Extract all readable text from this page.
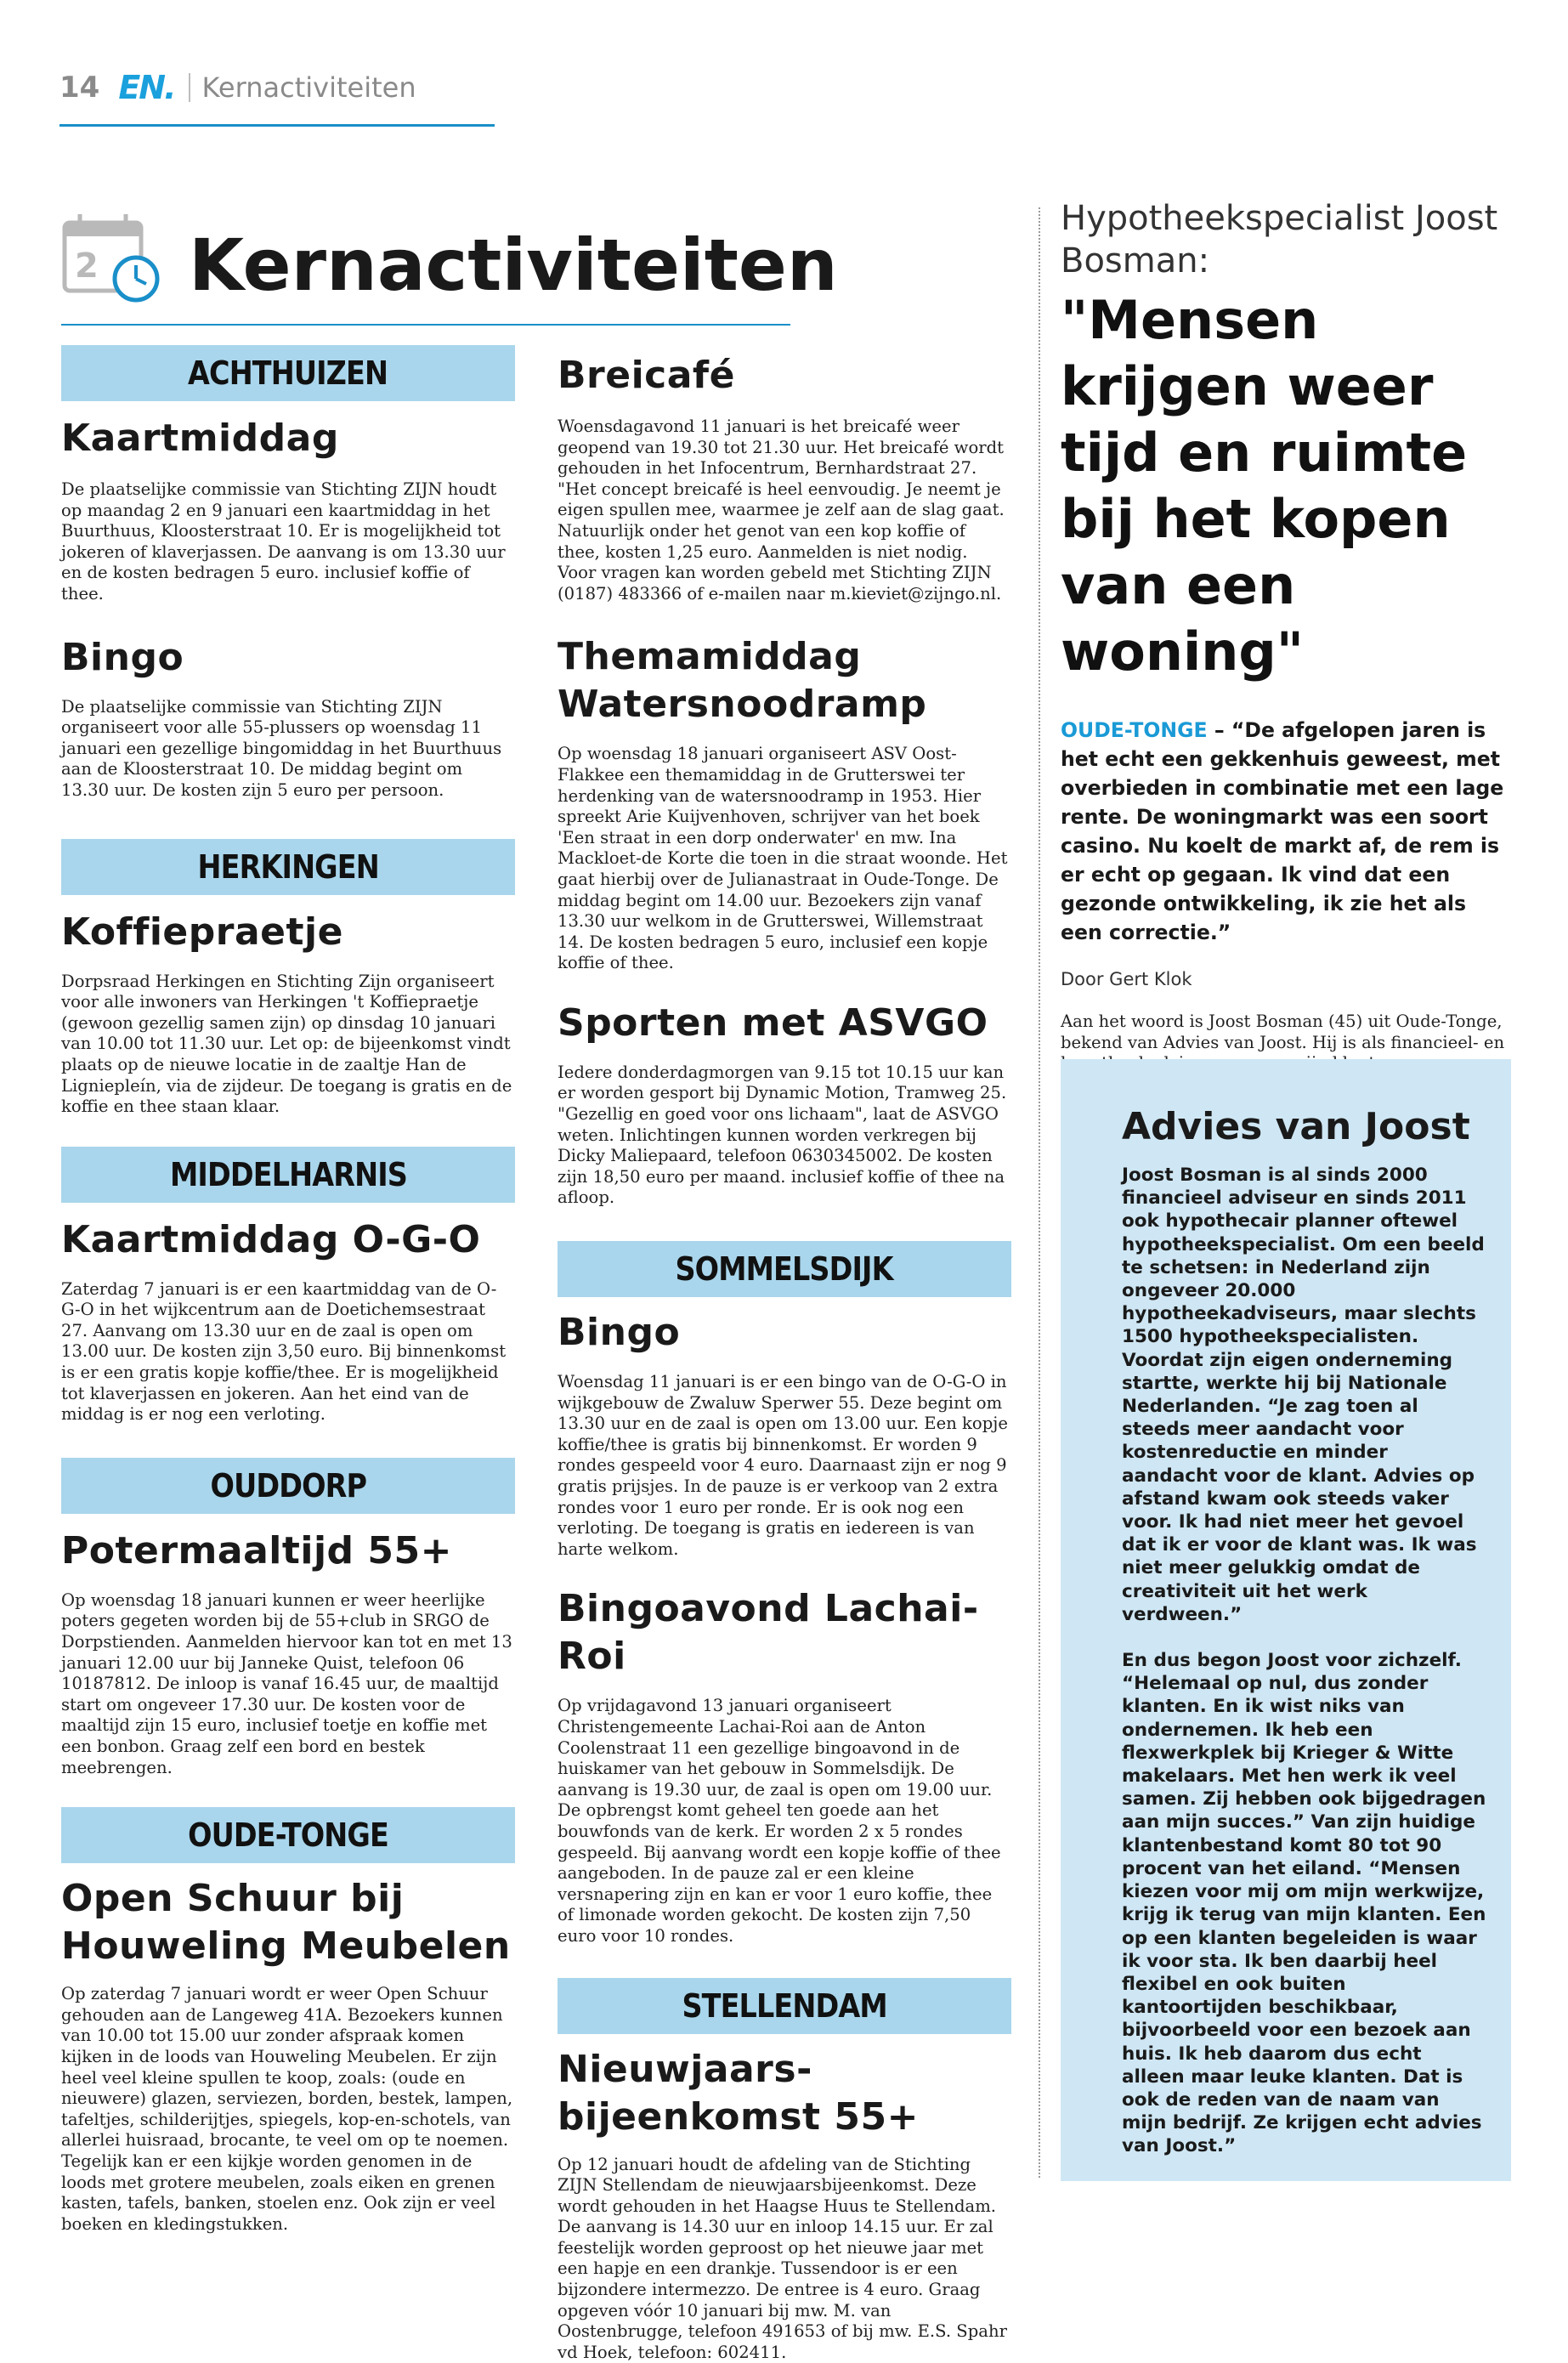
14 EN. Kernactiviteiten
2 Kernactiviteiten
ACHTHUIZEN
Kaartmiddag

De plaatselijke commissie van Stichting ZIJN houdt op maandag 2 en 9 januari een kaartmiddag in het Buurthuus, Kloosterstraat 10. Er is mogelijkheid tot jokeren of klaverjassen. De aanvang is om 13.30 uur en de kosten bedragen 5 euro. inclusief koffie of thee.

Bingo

De plaatselijke commissie van Stichting ZIJN organiseert voor alle 55-plussers op woensdag 11 januari een gezellige bingomiddag in het Buurthuus aan de Kloosterstraat 10. De middag begint om 13.30 uur. De kosten zijn 5 euro per persoon.

HERKINGEN
Koffiepraetje

Dorpsraad Herkingen en Stichting Zijn organiseert voor alle inwoners van Herkingen 't Koffiepraetje (gewoon gezellig samen zijn) op dinsdag 10 januari van 10.00 tot 11.30 uur. Let op: de bijeenkomst vindt plaats op de nieuwe locatie in de zaaltje Han de Ligniepleín, via de zijdeur. De toegang is gratis en de koffie en thee staan klaar.

MIDDELHARNIS
Kaartmiddag O-G-O

Zaterdag 7 januari is er een kaartmiddag van de O-G-O in het wijkcentrum aan de Doetichemsestraat 27. Aanvang om 13.30 uur en de zaal is open om 13.00 uur. De kosten zijn 3,50 euro. Bij binnenkomst is er een gratis kopje koffie/thee. Er is mogelijkheid tot klaverjassen en jokeren. Aan het eind van de middag is er nog een verloting.

OUDDORP
Potermaaltijd 55+

Op woensdag 18 januari kunnen er weer heerlijke poters gegeten worden bij de 55+club in SRGO de Dorpstienden. Aanmelden hiervoor kan tot en met 13 januari 12.00 uur bij Janneke Quist, telefoon 06 10187812. De inloop is vanaf 16.45 uur, de maaltijd start om ongeveer 17.30 uur. De kosten voor de maaltijd zijn 15 euro, inclusief toetje en koffie met een bonbon. Graag zelf een bord en bestek meebrengen.

OUDE-TONGE
Open Schuur bij Houweling Meubelen

Op zaterdag 7 januari wordt er weer Open Schuur gehouden aan de Langeweg 41A. Bezoekers kunnen van 10.00 tot 15.00 uur zonder afspraak komen kijken in de loods van Houweling Meubelen. Er zijn heel veel kleine spullen te koop, zoals: (oude en nieuwere) glazen, serviezen, borden, bestek, lampen, tafeltjes, schilderijtjes, spiegels, kop-en-schotels, van allerlei huisraad, brocante, te veel om op te noemen. Tegelijk kan er een kijkje worden genomen in de loods met grotere meubelen, zoals eiken en grenen kasten, tafels, banken, stoelen enz. Ook zijn er veel boeken en kledingstukken.

Breicafé

Woensdagavond 11 januari is het breicafé weer geopend van 19.30 tot 21.30 uur. Het breicafé wordt gehouden in het Infocentrum, Bernhardstraat 27. "Het concept breicafé is heel eenvoudig. Je neemt je eigen spullen mee, waarmee je zelf aan de slag gaat. Natuurlijk onder het genot van een kop koffie of thee, kosten 1,25 euro. Aanmelden is niet nodig. Voor vragen kan worden gebeld met Stichting ZIJN (0187) 483366 of e-mailen naar m.kieviet@zijngo.nl.

Themamiddag Watersnoodramp

Op woensdag 18 januari organiseert ASV Oost-Flakkee een themamiddag in de Grutterswei ter herdenking van de watersnoodramp in 1953. Hier spreekt Arie Kuijvenhoven, schrijver van het boek 'Een straat in een dorp onderwater' en mw. Ina Mackloet-de Korte die toen in die straat woonde. Het gaat hierbij over de Julianastraat in Oude-Tonge. De middag begint om 14.00 uur. Bezoekers zijn vanaf 13.30 uur welkom in de Grutterswei, Willemstraat 14. De kosten bedragen 5 euro, inclusief een kopje koffie of thee.

Sporten met ASVGO

Iedere donderdagmorgen van 9.15 tot 10.15 uur kan er worden gesport bij Dynamic Motion, Tramweg 25. "Gezellig en goed voor ons lichaam", laat de ASVGO weten. Inlichtingen kunnen worden verkregen bij Dicky Maliepaard, telefoon 0630345002. De kosten zijn 18,50 euro per maand. inclusief koffie of thee na afloop.

SOMMELSDIJK
Bingo

Woensdag 11 januari is er een bingo van de O-G-O in wijkgebouw de Zwaluw Sperwer 55. Deze begint om 13.30 uur en de zaal is open om 13.00 uur. Een kopje koffie/thee is gratis bij binnenkomst. Er worden 9 rondes gespeeld voor 4 euro. Daarnaast zijn er nog 9 gratis prijsjes. In de pauze is er verkoop van 2 extra rondes voor 1 euro per ronde. Er is ook nog een verloting. De toegang is gratis en iedereen is van harte welkom.

Bingoavond Lachai-Roi

Op vrijdagavond 13 januari organiseert Christengemeente Lachai-Roi aan de Anton Coolenstraat 11 een gezellige bingoavond in de huiskamer van het gebouw in Sommelsdijk. De aanvang is 19.30 uur, de zaal is open om 19.00 uur. De opbrengst komt geheel ten goede aan het bouwfonds van de kerk. Er worden 2 x 5 rondes gespeeld. Bij aanvang wordt een kopje koffie of thee aangeboden. In de pauze zal er een kleine versnapering zijn en kan er voor 1 euro koffie, thee of limonade worden gekocht. De kosten zijn 7,50 euro voor 10 rondes.

STELLENDAM
Nieuwjaars-bijeenkomst 55+

Op 12 januari houdt de afdeling van de Stichting ZIJN Stellendam de nieuwjaarsbijeenkomst. Deze wordt gehouden in het Haagse Huus te Stellendam. De aanvang is 14.30 uur en inloop 14.15 uur. Er zal feestelijk worden geproost op het nieuwe jaar met een hapje en een drankje. Tussendoor is er een bijzondere intermezzo. De entree is 4 euro. Graag opgeven vóór 10 januari bij mw. M. van Oostenbrugge, telefoon 491653 of bij mw. E.S. Spahr vd Hoek, telefoon: 602411.

Hypotheekspecialist Joost Bosman:
"Mensen krijgen weer tijd en ruimte bij het kopen van een woning"

OUDE-TONGE – “De afgelopen jaren is het echt een gekkenhuis geweest, met overbieden in combinatie met een lage rente. De woningmarkt was een soort casino. Nu koelt de markt af, de rem is er echt op gegaan. Ik vind dat een gezonde ontwikkeling, ik zie het als een correctie.”

Door Gert Klok

Aan het woord is Joost Bosman (45) uit Oude-Tonge, bekend van Advies van Joost. Hij is als financieel- en

Advies van Joost

Joost Bosman is al sinds 2000 financieel adviseur en sinds 2011 ook hypothecair planner oftewel hypotheekspecialist. Om een beeld te schetsen: in Nederland zijn ongeveer 20.000 hypotheekadviseurs, maar slechts 1500 hypotheekspecialisten. Voordat zijn eigen onderneming startte, werkte hij bij Nationale Nederlanden. “Je zag toen al steeds meer aandacht voor kostenreductie en minder aandacht voor de klant. Advies op afstand kwam ook steeds vaker voor. Ik had niet meer het gevoel dat ik er voor de klant was. Ik was niet meer gelukkig omdat de creativiteit uit het werk verdween.”

En dus begon Joost voor zichzelf. “Helemaal op nul, dus zonder klanten. En ik wist niks van ondernemen. Ik heb een flexwerkplek bij Krieger & Witte makelaars. Met hen werk ik veel samen. Zij hebben ook bijgedragen aan mijn succes.” Van zijn huidige klantenbestand komt 80 tot 90 procent van het eiland. “Mensen kiezen voor mij om mijn werkwijze, krijg ik terug van mijn klanten. Een op een klanten begeleiden is waar ik voor sta. Ik ben daarbij heel flexibel en ook buiten kantoortijden beschikbaar, bijvoorbeeld voor een bezoek aan huis. Ik heb daarom dus echt alleen maar leuke klanten. Dat is ook de reden van de naam van mijn bedrijf. Ze krijgen echt advies van Joost.”
